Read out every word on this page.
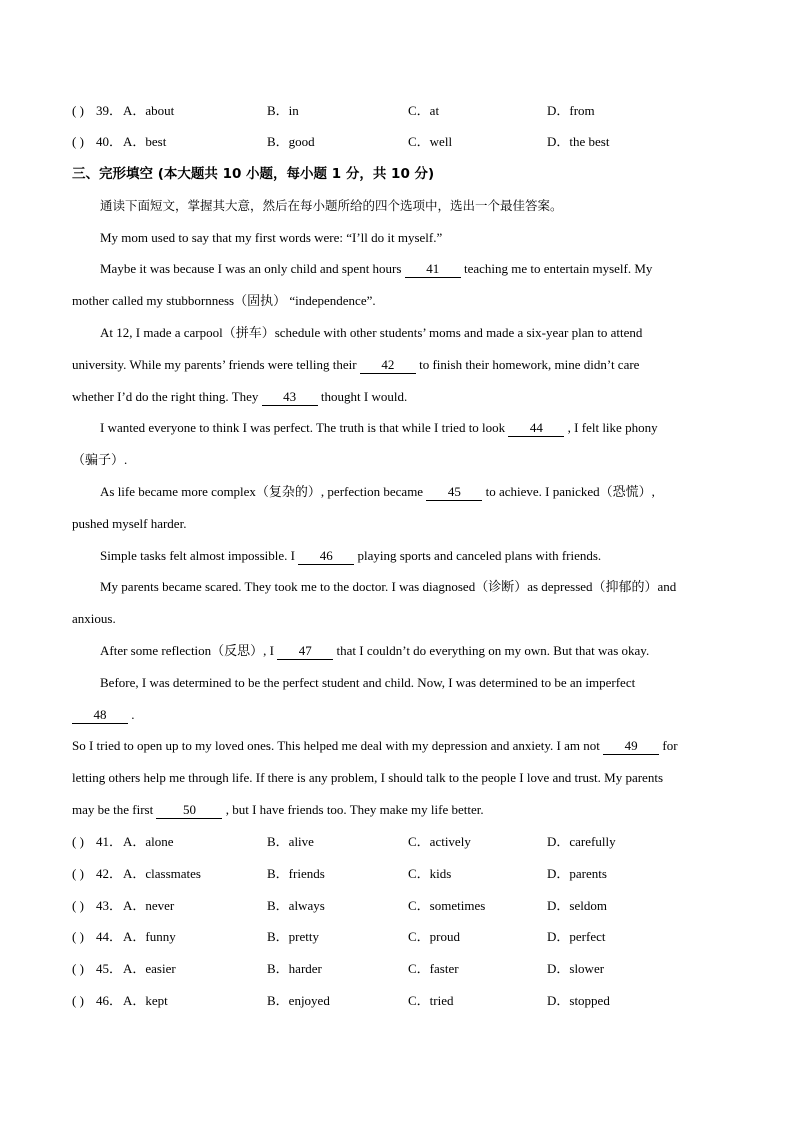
( ) 39． A．about	B．in	C．at	D．from
( ) 40． A．best	B．good	C．well	D．the best
三、完形填空 (本大题共 10 小题，每小题 1 分，共 10 分)
通读下面短文，掌握其大意，然后在每小题所给的四个选项中，选出一个最佳答案。
My mom used to say that my first words were: “I’ll do it myself.”
Maybe it was because I was an only child and spent hours 41 teaching me to entertain myself. My
mother called my stubbornness（固执） “independence”.
At 12, I made a carpool（拼车）schedule with other students’ moms and made a six-year plan to attend
university. While my parents’ friends were telling their 42 to finish their homework, mine didn’t care
whether I’d do the right thing. They 43 thought I would.
I wanted everyone to think I was perfect. The truth is that while I tried to look 44 , I felt like phony
（骗子）.
As life became more complex（复杂的）, perfection became 45 to achieve. I panicked（恐慌）,
pushed myself harder.
Simple tasks felt almost impossible. I 46 playing sports and canceled plans with friends.
My parents became scared. They took me to the doctor. I was diagnosed（诊断）as depressed（抑郁的）and
anxious.
After some reflection（反思）, I 47 that I couldn’t do everything on my own. But that was okay.
Before, I was determined to be the perfect student and child. Now, I was determined to be an imperfect
48 .
So I tried to open up to my loved ones. This helped me deal with my depression and anxiety. I am not 49 for
letting others help me through life. If there is any problem, I should talk to the people I love and trust. My parents
may be the first 50 , but I have friends too. They make my life better.
( ) 41． A．alone	B．alive	C．actively	D．carefully
( ) 42． A．classmates	B．friends	C．kids	D．parents
( ) 43． A．never	B．always	C．sometimes	D．seldom
( ) 44． A．funny	B．pretty	C．proud	D．perfect
( ) 45． A．easier	B．harder	C．faster	D．slower
( ) 46． A．kept	B．enjoyed	C．tried	D．stopped
